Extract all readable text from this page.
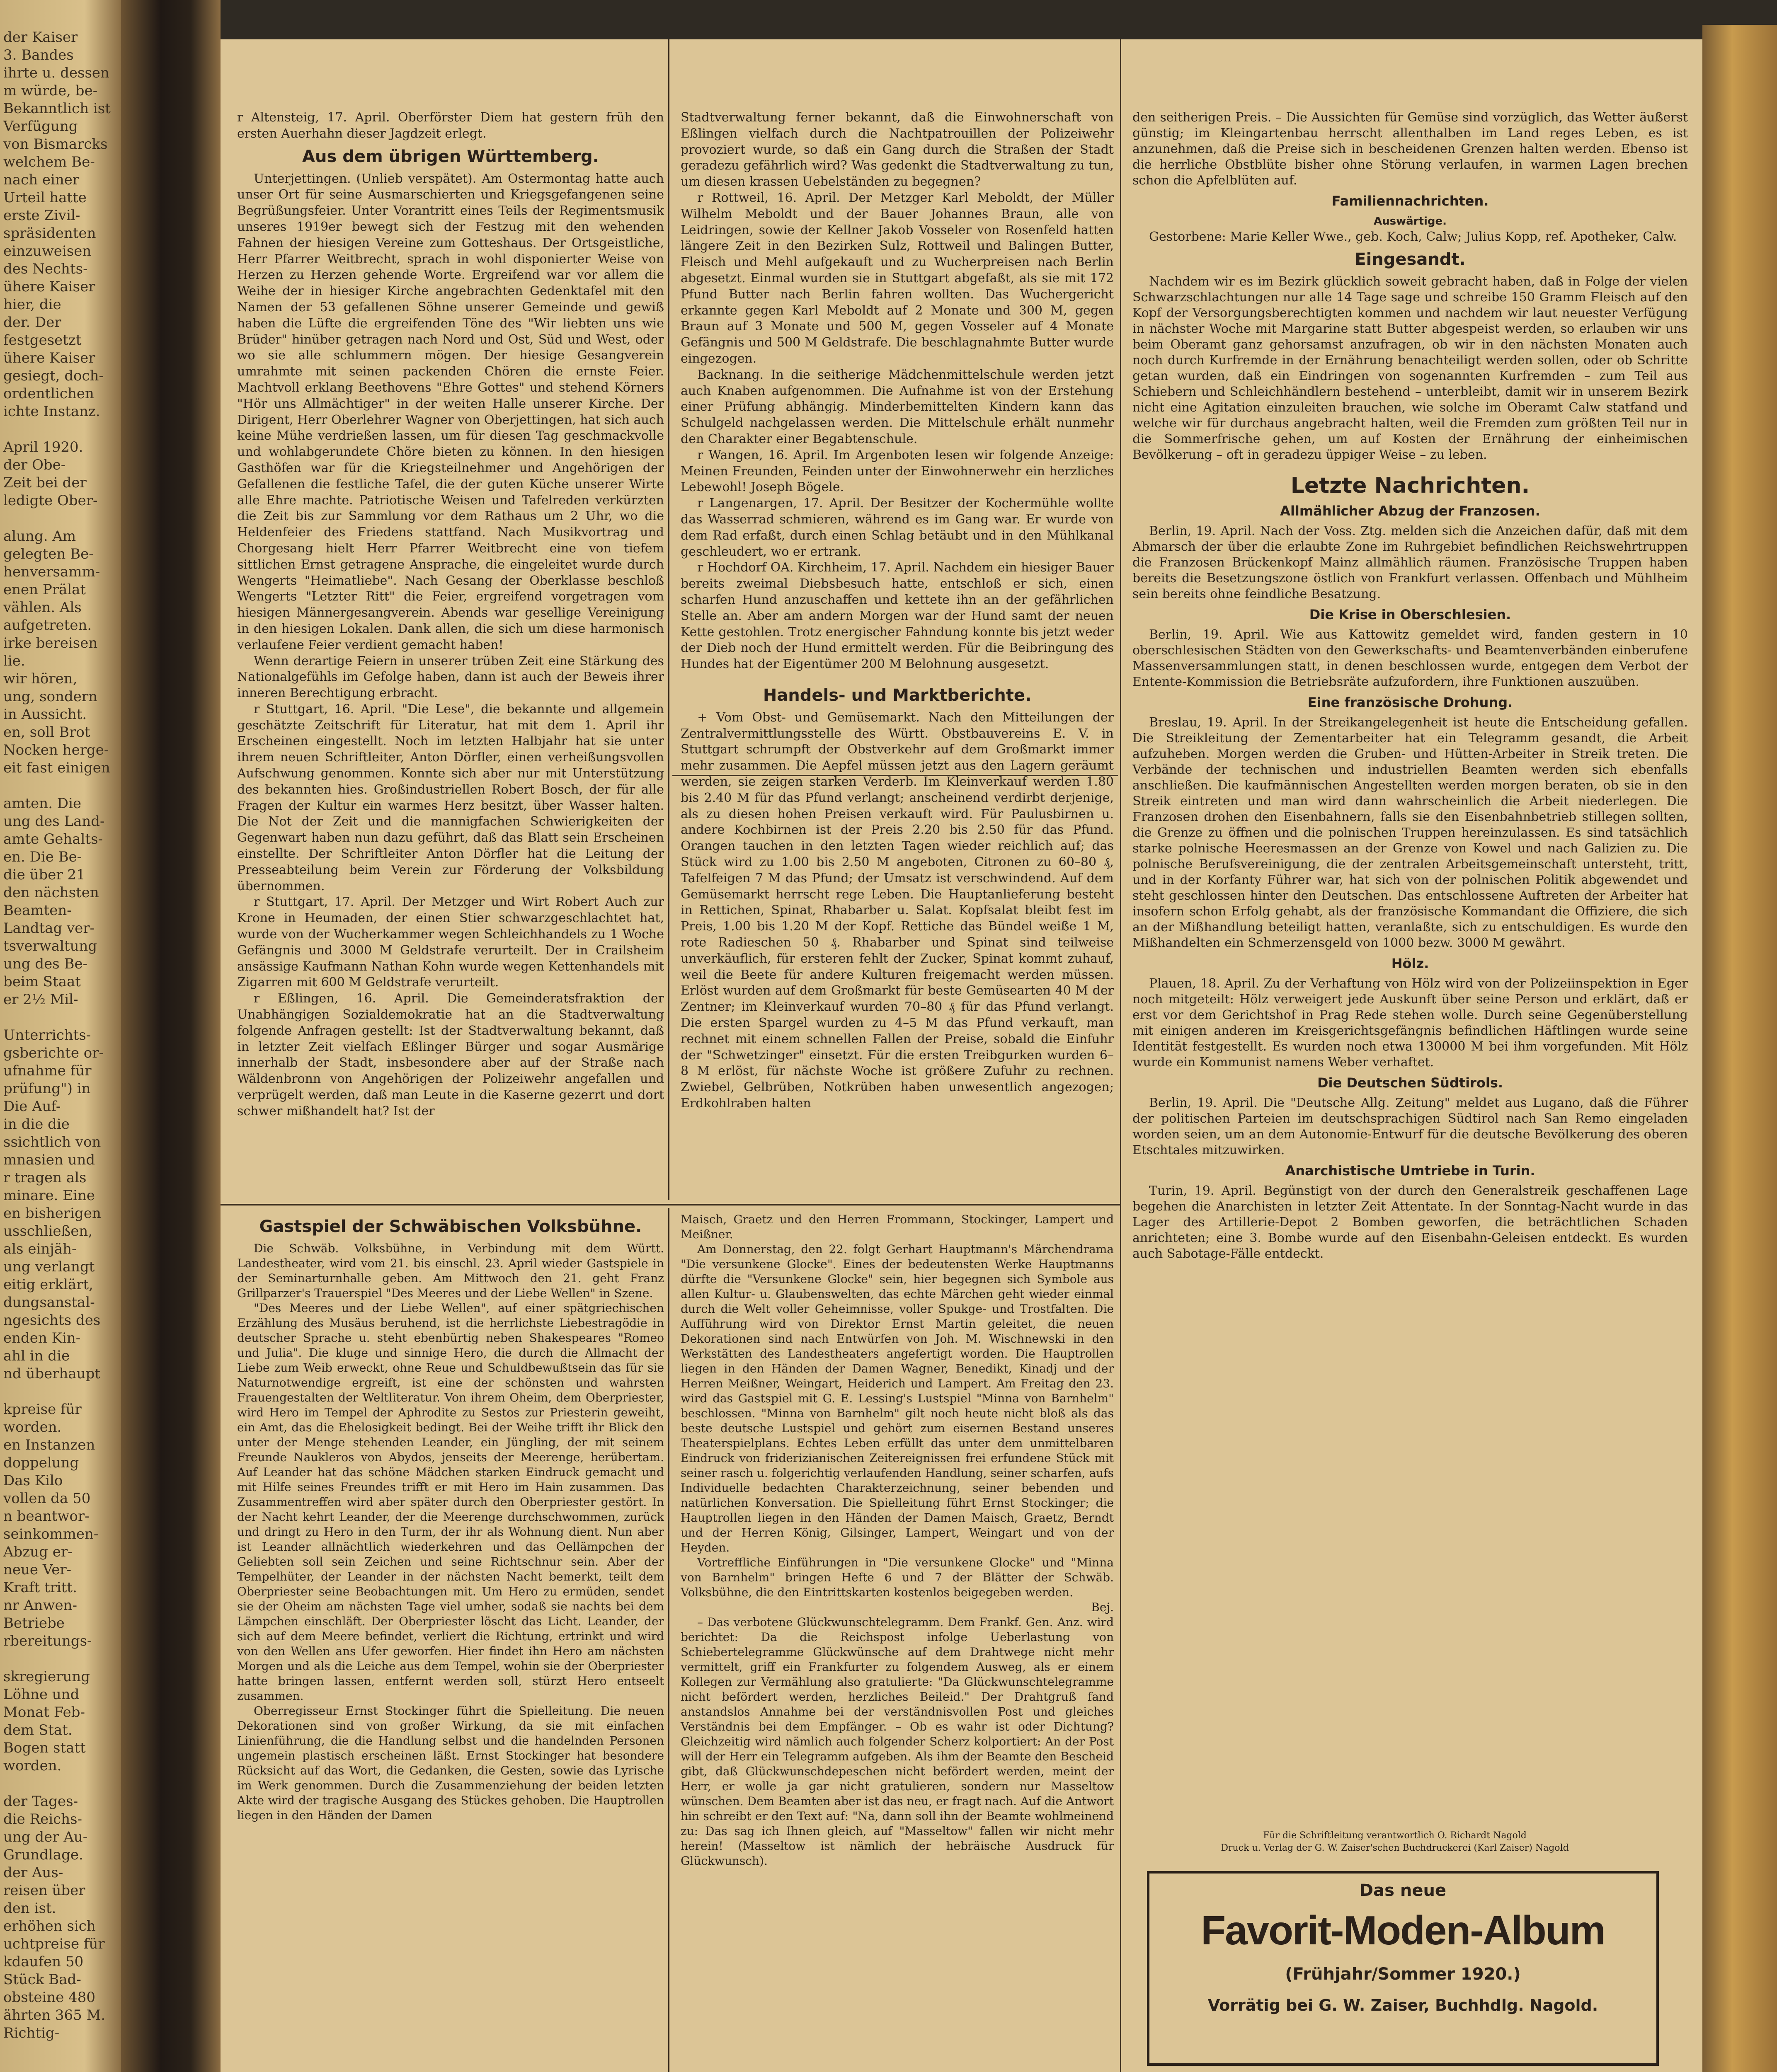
der Kaiser
3. Bandes
ihrte u. dessen
m würde, be-
Bekanntlich ist
Verfügung
von Bismarcks
welchem Be-
nach einer
Urteil hatte
erste Zivil-
spräsidenten
einzuweisen
des Nechts-
ühere Kaiser
hier, die
der. Der
festgesetzt
ühere Kaiser
gesiegt, doch-
ordentlichen
ichte Instanz.
April 1920.
der Obe-
Zeit bei der
ledigte Ober-
alung. Am
gelegten Be-
henversamm-
enen Prälat
vählen. Als
aufgetreten.
irke bereisen
lie.
wir hören,
ung, sondern
in Aussicht.
en, soll Brot
Nocken herge-
eit fast einigen
amten. Die
ung des Land-
amte Gehalts-
en. Die Be-
die über 21
den nächsten
Beamten-
Landtag ver-
tsverwaltung
ung des Be-
beim Staat
er 2½ Mil-
Unterrichts-
gsberichte or-
ufnahme für
prüfung") in
Die Auf-
in die die
ssichtlich von
mnasien und
r tragen als
minare. Eine
en bisherigen
usschließen,
als einjäh-
ung verlangt
eitig erklärt,
dungsanstal-
ngesichts des
enden Kin-
ahl in die
nd überhaupt
kpreise für
worden.
en Instanzen
doppelung
Das Kilo
vollen da 50
n beantwor-
seinkommen-
Abzug er-
neue Ver-
Kraft tritt.
nr Anwen-
Betriebe
rbereitungs-
skregierung
Löhne und
Monat Feb-
dem Stat.
Bogen statt
worden.
der Tages-
die Reichs-
ung der Au-
Grundlage.
der Aus-
reisen über
den ist.
erhöhen sich
uchtpreise für
kdaufen 50
Stück Bad-
obsteine 480
ährten 365 M.
Richtig-

r Altensteig, 17. April. Oberförster Diem hat gestern früh den ersten Auerhahn dieser Jagdzeit erlegt.

Aus dem übrigen Württemberg.

Unterjettingen. (Unlieb verspätet). Am Ostermontag hatte auch unser Ort für seine Ausmarschierten und Kriegsgefangenen seine Begrüßungsfeier. Unter Vorantritt eines Teils der Regimentsmusik unseres 1919er bewegt sich der Festzug mit den wehenden Fahnen der hiesigen Vereine zum Gotteshaus. Der Ortsgeistliche, Herr Pfarrer Weitbrecht, sprach in wohl disponierter Weise von Herzen zu Herzen gehende Worte. Ergreifend war vor allem die Weihe der in hiesiger Kirche angebrachten Gedenktafel mit den Namen der 53 gefallenen Söhne unserer Gemeinde und gewiß haben die Lüfte die ergreifenden Töne des "Wir liebten uns wie Brüder" hinüber getragen nach Nord und Ost, Süd und West, oder wo sie alle schlummern mögen. Der hiesige Gesangverein umrahmte mit seinen packenden Chören die ernste Feier. Machtvoll erklang Beethovens "Ehre Gottes" und stehend Körners "Hör uns Allmächtiger" in der weiten Halle unserer Kirche. Der Dirigent, Herr Oberlehrer Wagner von Oberjettingen, hat sich auch keine Mühe verdrießen lassen, um für diesen Tag geschmackvolle und wohlabgerundete Chöre bieten zu können. In den hiesigen Gasthöfen war für die Kriegsteilnehmer und Angehörigen der Gefallenen die festliche Tafel, die der guten Küche unserer Wirte alle Ehre machte. Patriotische Weisen und Tafelreden verkürzten die Zeit bis zur Sammlung vor dem Rathaus um 2 Uhr, wo die Heldenfeier des Friedens stattfand. Nach Musikvortrag und Chorgesang hielt Herr Pfarrer Weitbrecht eine von tiefem sittlichen Ernst getragene Ansprache, die eingeleitet wurde durch Wengerts "Heimatliebe". Nach Gesang der Oberklasse beschloß Wengerts "Letzter Ritt" die Feier, ergreifend vorgetragen vom hiesigen Männergesangverein. Abends war gesellige Vereinigung in den hiesigen Lokalen. Dank allen, die sich um diese harmonisch verlaufene Feier verdient gemacht haben!

Wenn derartige Feiern in unserer trüben Zeit eine Stärkung des Nationalgefühls im Gefolge haben, dann ist auch der Beweis ihrer inneren Berechtigung erbracht.

r Stuttgart, 16. April. "Die Lese", die bekannte und allgemein geschätzte Zeitschrift für Literatur, hat mit dem 1. April ihr Erscheinen eingestellt. Noch im letzten Halbjahr hat sie unter ihrem neuen Schriftleiter, Anton Dörfler, einen verheißungsvollen Aufschwung genommen. Konnte sich aber nur mit Unterstützung des bekannten hies. Großindustriellen Robert Bosch, der für alle Fragen der Kultur ein warmes Herz besitzt, über Wasser halten. Die Not der Zeit und die mannigfachen Schwierigkeiten der Gegenwart haben nun dazu geführt, daß das Blatt sein Erscheinen einstellte. Der Schriftleiter Anton Dörfler hat die Leitung der Presseabteilung beim Verein zur Förderung der Volksbildung übernommen.

r Stuttgart, 17. April. Der Metzger und Wirt Robert Auch zur Krone in Heumaden, der einen Stier schwarzgeschlachtet hat, wurde von der Wucherkammer wegen Schleichhandels zu 1 Woche Gefängnis und 3000 M Geldstrafe verurteilt. Der in Crailsheim ansässige Kaufmann Nathan Kohn wurde wegen Kettenhandels mit Zigarren mit 600 M Geldstrafe verurteilt.

r Eßlingen, 16. April. Die Gemeinderatsfraktion der Unabhängigen Sozialdemokratie hat an die Stadtverwaltung folgende Anfragen gestellt: Ist der Stadtverwaltung bekannt, daß in letzter Zeit vielfach Eßlinger Bürger und sogar Ausmärige innerhalb der Stadt, insbesondere aber auf der Straße nach Wäldenbronn von Angehörigen der Polizeiwehr angefallen und verprügelt werden, daß man Leute in die Kaserne gezerrt und dort schwer mißhandelt hat? Ist der

Stadtverwaltung ferner bekannt, daß die Einwohnerschaft von Eßlingen vielfach durch die Nachtpatrouillen der Polizeiwehr provoziert wurde, so daß ein Gang durch die Straßen der Stadt geradezu gefährlich wird? Was gedenkt die Stadtverwaltung zu tun, um diesen krassen Uebelständen zu begegnen?

r Rottweil, 16. April. Der Metzger Karl Meboldt, der Müller Wilhelm Meboldt und der Bauer Johannes Braun, alle von Leidringen, sowie der Kellner Jakob Vosseler von Rosenfeld hatten längere Zeit in den Bezirken Sulz, Rottweil und Balingen Butter, Fleisch und Mehl aufgekauft und zu Wucherpreisen nach Berlin abgesetzt. Einmal wurden sie in Stuttgart abgefaßt, als sie mit 172 Pfund Butter nach Berlin fahren wollten. Das Wuchergericht erkannte gegen Karl Meboldt auf 2 Monate und 300 M, gegen Braun auf 3 Monate und 500 M, gegen Vosseler auf 4 Monate Gefängnis und 500 M Geldstrafe. Die beschlagnahmte Butter wurde eingezogen.

Backnang. In die seitherige Mädchenmittelschule werden jetzt auch Knaben aufgenommen. Die Aufnahme ist von der Erstehung einer Prüfung abhängig. Minderbemittelten Kindern kann das Schulgeld nachgelassen werden. Die Mittelschule erhält nunmehr den Charakter einer Begabtenschule.

r Wangen, 16. April. Im Argenboten lesen wir folgende Anzeige: Meinen Freunden, Feinden unter der Einwohnerwehr ein herzliches Lebewohl! Joseph Bögele.

r Langenargen, 17. April. Der Besitzer der Kochermühle wollte das Wasserrad schmieren, während es im Gang war. Er wurde von dem Rad erfaßt, durch einen Schlag betäubt und in den Mühlkanal geschleudert, wo er ertrank.

r Hochdorf OA. Kirchheim, 17. April. Nachdem ein hiesiger Bauer bereits zweimal Diebsbesuch hatte, entschloß er sich, einen scharfen Hund anzuschaffen und kettete ihn an der gefährlichen Stelle an. Aber am andern Morgen war der Hund samt der neuen Kette gestohlen. Trotz energischer Fahndung konnte bis jetzt weder der Dieb noch der Hund ermittelt werden. Für die Beibringung des Hundes hat der Eigentümer 200 M Belohnung ausgesetzt.

Handels- und Marktberichte.

+ Vom Obst- und Gemüsemarkt. Nach den Mitteilungen der Zentralvermittlungsstelle des Württ. Obstbauvereins E. V. in Stuttgart schrumpft der Obstverkehr auf dem Großmarkt immer mehr zusammen. Die Aepfel müssen jetzt aus den Lagern geräumt werden, sie zeigen starken Verderb. Im Kleinverkauf werden 1.80 bis 2.40 M für das Pfund verlangt; anscheinend verdirbt derjenige, als zu diesen hohen Preisen verkauft wird. Für Paulusbirnen u. andere Kochbirnen ist der Preis 2.20 bis 2.50 für das Pfund. Orangen tauchen in den letzten Tagen wieder reichlich auf; das Stück wird zu 1.00 bis 2.50 M angeboten, Citronen zu 60–80 ₰, Tafelfeigen 7 M das Pfund; der Umsatz ist verschwindend. Auf dem Gemüsemarkt herrscht rege Leben. Die Hauptanlieferung besteht in Rettichen, Spinat, Rhabarber u. Salat. Kopfsalat bleibt fest im Preis, 1.00 bis 1.20 M der Kopf. Rettiche das Bündel weiße 1 M, rote Radieschen 50 ₰. Rhabarber und Spinat sind teilweise unverkäuflich, für ersteren fehlt der Zucker, Spinat kommt zuhauf, weil die Beete für andere Kulturen freigemacht werden müssen. Erlöst wurden auf dem Großmarkt für beste Gemüsearten 40 M der Zentner; im Kleinverkauf wurden 70–80 ₰ für das Pfund verlangt. Die ersten Spargel wurden zu 4–5 M das Pfund verkauft, man rechnet mit einem schnellen Fallen der Preise, sobald die Einfuhr der "Schwetzinger" einsetzt. Für die ersten Treibgurken wurden 6–8 M erlöst, für nächste Woche ist größere Zufuhr zu rechnen. Zwiebel, Gelbrüben, Notkrüben haben unwesentlich angezogen; Erdkohlraben halten

den seitherigen Preis. – Die Aussichten für Gemüse sind vorzüglich, das Wetter äußerst günstig; im Kleingartenbau herrscht allenthalben im Land reges Leben, es ist anzunehmen, daß die Preise sich in bescheidenen Grenzen halten werden. Ebenso ist die herrliche Obstblüte bisher ohne Störung verlaufen, in warmen Lagen brechen schon die Apfelblüten auf.

Familiennachrichten.
Auswärtige.

Gestorbene: Marie Keller Wwe., geb. Koch, Calw; Julius Kopp, ref. Apotheker, Calw.

Eingesandt.

Nachdem wir es im Bezirk glücklich soweit gebracht haben, daß in Folge der vielen Schwarzschlachtungen nur alle 14 Tage sage und schreibe 150 Gramm Fleisch auf den Kopf der Versorgungsberechtigten kommen und nachdem wir laut neuester Verfügung in nächster Woche mit Margarine statt Butter abgespeist werden, so erlauben wir uns beim Oberamt ganz gehorsamst anzufragen, ob wir in den nächsten Monaten auch noch durch Kurfremde in der Ernährung benachteiligt werden sollen, oder ob Schritte getan wurden, daß ein Eindringen von sogenannten Kurfremden – zum Teil aus Schiebern und Schleichhändlern bestehend – unterbleibt, damit wir in unserem Bezirk nicht eine Agitation einzuleiten brauchen, wie solche im Oberamt Calw statfand und welche wir für durchaus angebracht halten, weil die Fremden zum größten Teil nur in die Sommerfrische gehen, um auf Kosten der Ernährung der einheimischen Bevölkerung – oft in geradezu üppiger Weise – zu leben.

Letzte Nachrichten.
Allmählicher Abzug der Franzosen.

Berlin, 19. April. Nach der Voss. Ztg. melden sich die Anzeichen dafür, daß mit dem Abmarsch der über die erlaubte Zone im Ruhrgebiet befindlichen Reichswehrtruppen die Franzosen Brückenkopf Mainz allmählich räumen. Französische Truppen haben bereits die Besetzungszone östlich von Frankfurt verlassen. Offenbach und Mühlheim sein bereits ohne feindliche Besatzung.

Die Krise in Oberschlesien.

Berlin, 19. April. Wie aus Kattowitz gemeldet wird, fanden gestern in 10 oberschlesischen Städten von den Gewerkschafts- und Beamtenverbänden einberufene Massenversammlungen statt, in denen beschlossen wurde, entgegen dem Verbot der Entente-Kommission die Betriebsräte aufzufordern, ihre Funktionen auszuüben.

Eine französische Drohung.

Breslau, 19. April. In der Streikangelegenheit ist heute die Entscheidung gefallen. Die Streikleitung der Zementarbeiter hat ein Telegramm gesandt, die Arbeit aufzuheben. Morgen werden die Gruben- und Hütten-Arbeiter in Streik treten. Die Verbände der technischen und industriellen Beamten werden sich ebenfalls anschließen. Die kaufmännischen Angestellten werden morgen beraten, ob sie in den Streik eintreten und man wird dann wahrscheinlich die Arbeit niederlegen. Die Franzosen drohen den Eisenbahnern, falls sie den Eisenbahnbetrieb stillegen sollten, die Grenze zu öffnen und die polnischen Truppen hereinzulassen. Es sind tatsächlich starke polnische Heeresmassen an der Grenze von Kowel und nach Galizien zu. Die polnische Berufsvereinigung, die der zentralen Arbeitsgemeinschaft untersteht, tritt, und in der Korfanty Führer war, hat sich von der polnischen Politik abgewendet und steht geschlossen hinter den Deutschen. Das entschlossene Auftreten der Arbeiter hat insofern schon Erfolg gehabt, als der französische Kommandant die Offiziere, die sich an der Mißhandlung beteiligt hatten, veranlaßte, sich zu entschuldigen. Es wurde den Mißhandelten ein Schmerzensgeld von 1000 bezw. 3000 M gewährt.

Hölz.

Plauen, 18. April. Zu der Verhaftung von Hölz wird von der Polizeiinspektion in Eger noch mitgeteilt: Hölz verweigert jede Auskunft über seine Person und erklärt, daß er erst vor dem Gerichtshof in Prag Rede stehen wolle. Durch seine Gegenüberstellung mit einigen anderen im Kreisgerichtsgefängnis befindlichen Häftlingen wurde seine Identität festgestellt. Es wurden noch etwa 130000 M bei ihm vorgefunden. Mit Hölz wurde ein Kommunist namens Weber verhaftet.

Die Deutschen Südtirols.

Berlin, 19. April. Die "Deutsche Allg. Zeitung" meldet aus Lugano, daß die Führer der politischen Parteien im deutschsprachigen Südtirol nach San Remo eingeladen worden seien, um an dem Autonomie-Entwurf für die deutsche Bevölkerung des oberen Etschtales mitzuwirken.

Anarchistische Umtriebe in Turin.

Turin, 19. April. Begünstigt von der durch den Generalstreik geschaffenen Lage begehen die Anarchisten in letzter Zeit Attentate. In der Sonntag-Nacht wurde in das Lager des Artillerie-Depot 2 Bomben geworfen, die beträchtlichen Schaden anrichteten; eine 3. Bombe wurde auf den Eisenbahn-Geleisen entdeckt. Es wurden auch Sabotage-Fälle entdeckt.

Gastspiel der Schwäbischen Volksbühne.

Die Schwäb. Volksbühne, in Verbindung mit dem Württ. Landestheater, wird vom 21. bis einschl. 23. April wieder Gastspiele in der Seminarturnhalle geben. Am Mittwoch den 21. geht Franz Grillparzer's Trauerspiel "Des Meeres und der Liebe Wellen" in Szene.

"Des Meeres und der Liebe Wellen", auf einer spätgriechischen Erzählung des Musäus beruhend, ist die herrlichste Liebestragödie in deutscher Sprache u. steht ebenbürtig neben Shakespeares "Romeo und Julia". Die kluge und sinnige Hero, die durch die Allmacht der Liebe zum Weib erweckt, ohne Reue und Schuldbewußtsein das für sie Naturnotwendige ergreift, ist eine der schönsten und wahrsten Frauengestalten der Weltliteratur. Von ihrem Oheim, dem Oberpriester, wird Hero im Tempel der Aphrodite zu Sestos zur Priesterin geweiht, ein Amt, das die Ehelosigkeit bedingt. Bei der Weihe trifft ihr Blick den unter der Menge stehenden Leander, ein Jüngling, der mit seinem Freunde Naukleros von Abydos, jenseits der Meerenge, herübertam. Auf Leander hat das schöne Mädchen starken Eindruck gemacht und mit Hilfe seines Freundes trifft er mit Hero im Hain zusammen. Das Zusammentreffen wird aber später durch den Oberpriester gestört. In der Nacht kehrt Leander, der die Meerenge durchschwommen, zurück und dringt zu Hero in den Turm, der ihr als Wohnung dient. Nun aber ist Leander allnächtlich wiederkehren und das Oellämpchen der Geliebten soll sein Zeichen und seine Richtschnur sein. Aber der Tempelhüter, der Leander in der nächsten Nacht bemerkt, teilt dem Oberpriester seine Beobachtungen mit. Um Hero zu ermüden, sendet sie der Oheim am nächsten Tage viel umher, sodaß sie nachts bei dem Lämpchen einschläft. Der Oberpriester löscht das Licht. Leander, der sich auf dem Meere befindet, verliert die Richtung, ertrinkt und wird von den Wellen ans Ufer geworfen. Hier findet ihn Hero am nächsten Morgen und als die Leiche aus dem Tempel, wohin sie der Oberpriester hatte bringen lassen, entfernt werden soll, stürzt Hero entseelt zusammen.

Oberregisseur Ernst Stockinger führt die Spielleitung. Die neuen Dekorationen sind von großer Wirkung, da sie mit einfachen Linienführung, die die Handlung selbst und die handelnden Personen ungemein plastisch erscheinen läßt. Ernst Stockinger hat besondere Rücksicht auf das Wort, die Gedanken, die Gesten, sowie das Lyrische im Werk genommen. Durch die Zusammenziehung der beiden letzten Akte wird der tragische Ausgang des Stückes gehoben. Die Hauptrollen liegen in den Händen der Damen

Maisch, Graetz und den Herren Frommann, Stockinger, Lampert und Meißner.

Am Donnerstag, den 22. folgt Gerhart Hauptmann's Märchendrama "Die versunkene Glocke". Eines der bedeutensten Werke Hauptmanns dürfte die "Versunkene Glocke" sein, hier begegnen sich Symbole aus allen Kultur- u. Glaubenswelten, das echte Märchen geht wieder einmal durch die Welt voller Geheimnisse, voller Spukge- und Trostfalten. Die Aufführung wird von Direktor Ernst Martin geleitet, die neuen Dekorationen sind nach Entwürfen von Joh. M. Wischnewski in den Werkstätten des Landestheaters angefertigt worden. Die Hauptrollen liegen in den Händen der Damen Wagner, Benedikt, Kinadj und der Herren Meißner, Weingart, Heiderich und Lampert. Am Freitag den 23. wird das Gastspiel mit G. E. Lessing's Lustspiel "Minna von Barnhelm" beschlossen. "Minna von Barnhelm" gilt noch heute nicht bloß als das beste deutsche Lustspiel und gehört zum eisernen Bestand unseres Theaterspielplans. Echtes Leben erfüllt das unter dem unmittelbaren Eindruck von friderizianischen Zeitereignissen frei erfundene Stück mit seiner rasch u. folgerichtig verlaufenden Handlung, seiner scharfen, aufs Individuelle bedachten Charakterzeichnung, seiner bebenden und natürlichen Konversation. Die Spielleitung führt Ernst Stockinger; die Hauptrollen liegen in den Händen der Damen Maisch, Graetz, Berndt und der Herren König, Gilsinger, Lampert, Weingart und von der Heyden.

Vortreffliche Einführungen in "Die versunkene Glocke" und "Minna von Barnhelm" bringen Hefte 6 und 7 der Blätter der Schwäb. Volksbühne, die den Eintrittskarten kostenlos beigegeben werden.

Bej.

– Das verbotene Glückwunschtelegramm. Dem Frankf. Gen. Anz. wird berichtet: Da die Reichspost infolge Ueberlastung von Schiebertelegramme Glückwünsche auf dem Drahtwege nicht mehr vermittelt, griff ein Frankfurter zu folgendem Ausweg, als er einem Kollegen zur Vermählung also gratulierte: "Da Glückwunschtelegramme nicht befördert werden, herzliches Beileid." Der Drahtgruß fand anstandslos Annahme bei der verständnisvollen Post und gleiches Verständnis bei dem Empfänger. – Ob es wahr ist oder Dichtung? Gleichzeitig wird nämlich auch folgender Scherz kolportiert: An der Post will der Herr ein Telegramm aufgeben. Als ihm der Beamte den Bescheid gibt, daß Glückwunschdepeschen nicht befördert werden, meint der Herr, er wolle ja gar nicht gratulieren, sondern nur Masseltow wünschen. Dem Beamten aber ist das neu, er fragt nach. Auf die Antwort hin schreibt er den Text auf: "Na, dann soll ihn der Beamte wohlmeinend zu: Das sag ich Ihnen gleich, auf "Masseltow" fallen wir nicht mehr herein! (Masseltow ist nämlich der hebräische Ausdruck für Glückwunsch).

Für die Schriftleitung verantwortlich O. Richardt Nagold
Druck u. Verlag der G. W. Zaiser'schen Buchdruckerei (Karl Zaiser) Nagold
Das neue
Favorit-Moden-Album
(Frühjahr/Sommer 1920.)
Vorrätig bei G. W. Zaiser, Buchhdlg. Nagold.
